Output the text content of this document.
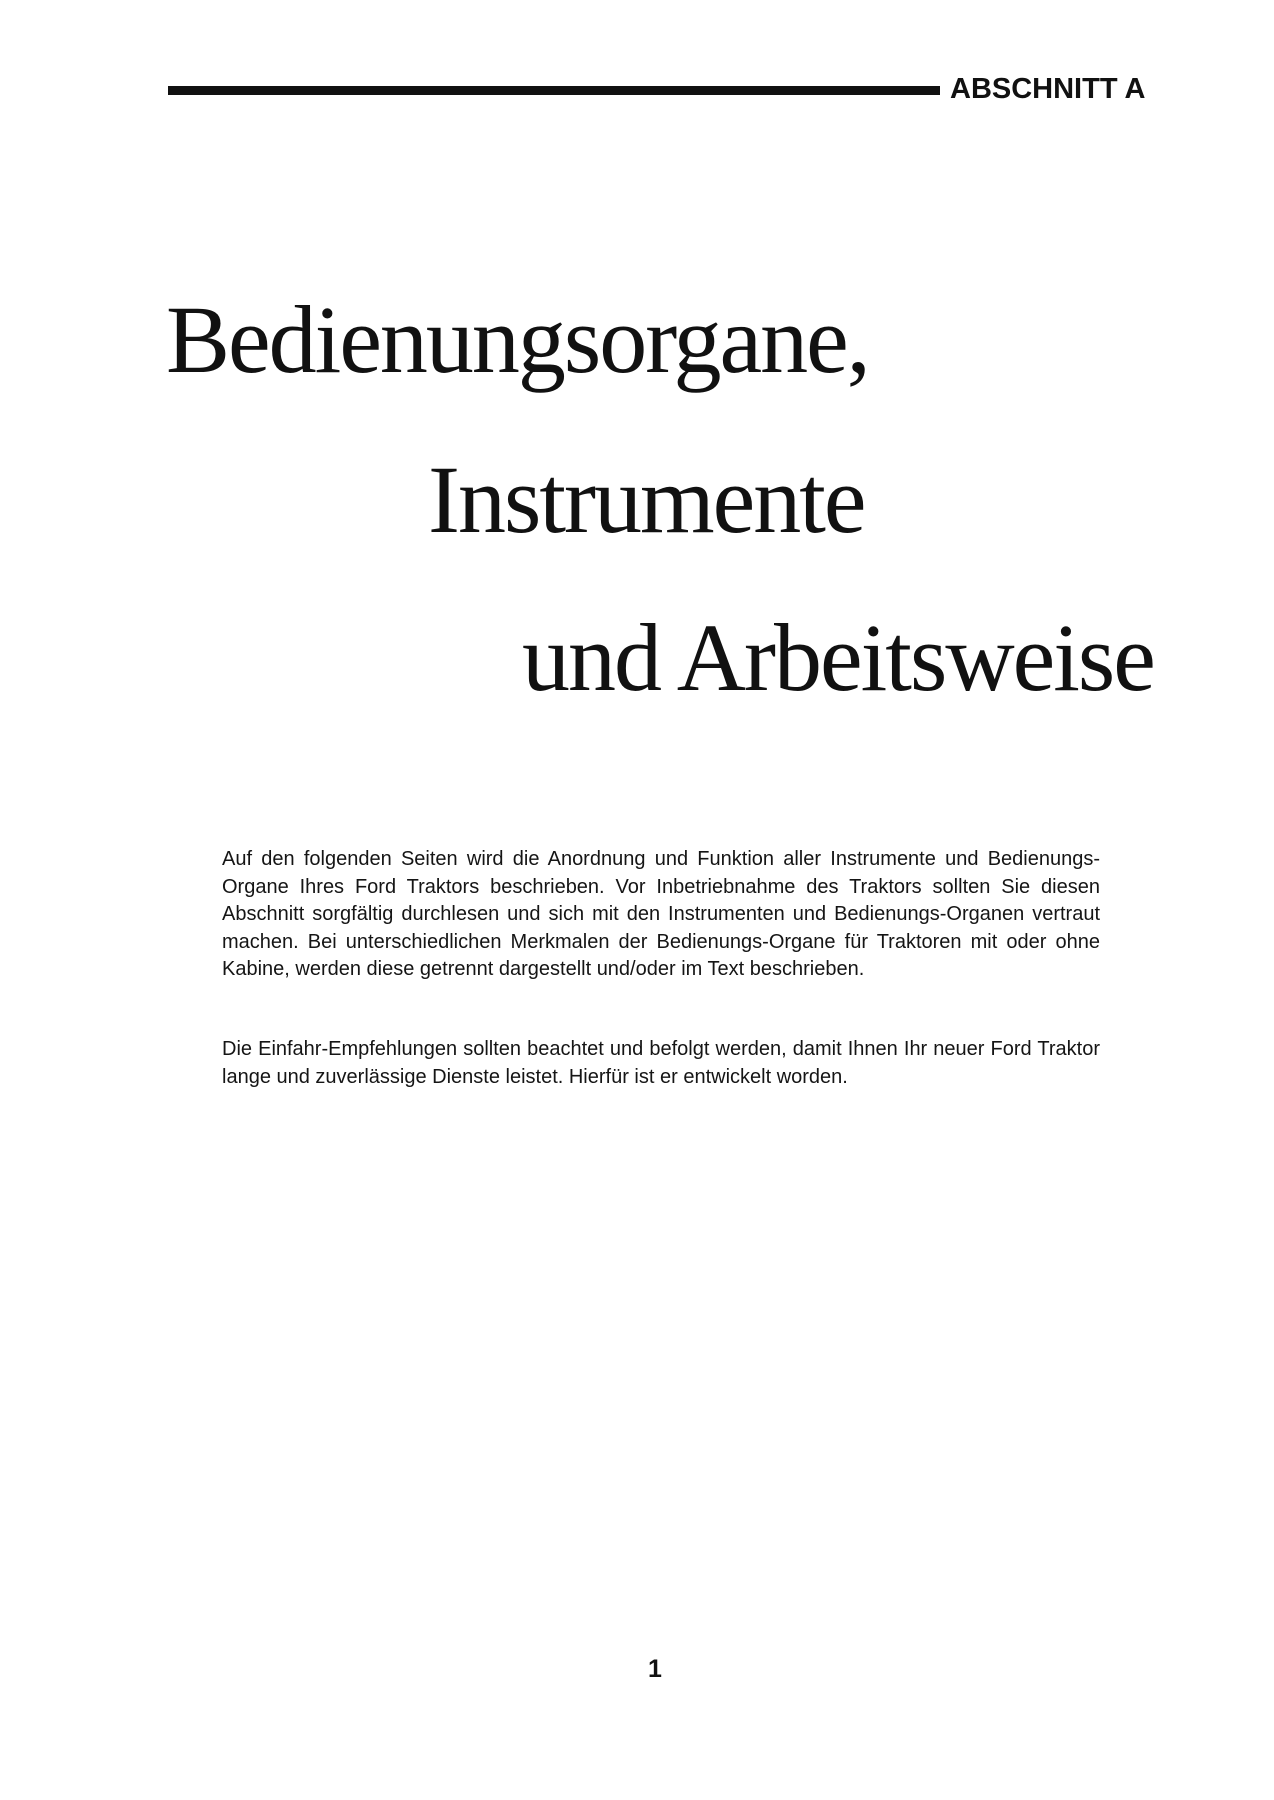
ABSCHNITT A
Bedienungsorgane,
Instrumente
und Arbeitsweise

Auf den folgenden Seiten wird die Anordnung und Funktion aller Instrumente und Bedienungs-Organe Ihres Ford Traktors beschrieben. Vor Inbetriebnahme des Traktors sollten Sie diesen Abschnitt sorgfältig durchlesen und sich mit den Instrumenten und Bedienungs-Organen vertraut machen. Bei unterschiedlichen Merkmalen der Bedienungs-Organe für Traktoren mit oder ohne Kabine, werden diese getrennt dargestellt und/oder im Text beschrieben.

Die Einfahr-Empfehlungen sollten beachtet und befolgt werden, damit Ihnen Ihr neuer Ford Traktor lange und zuverlässige Dienste leistet. Hierfür ist er entwickelt worden.

1
